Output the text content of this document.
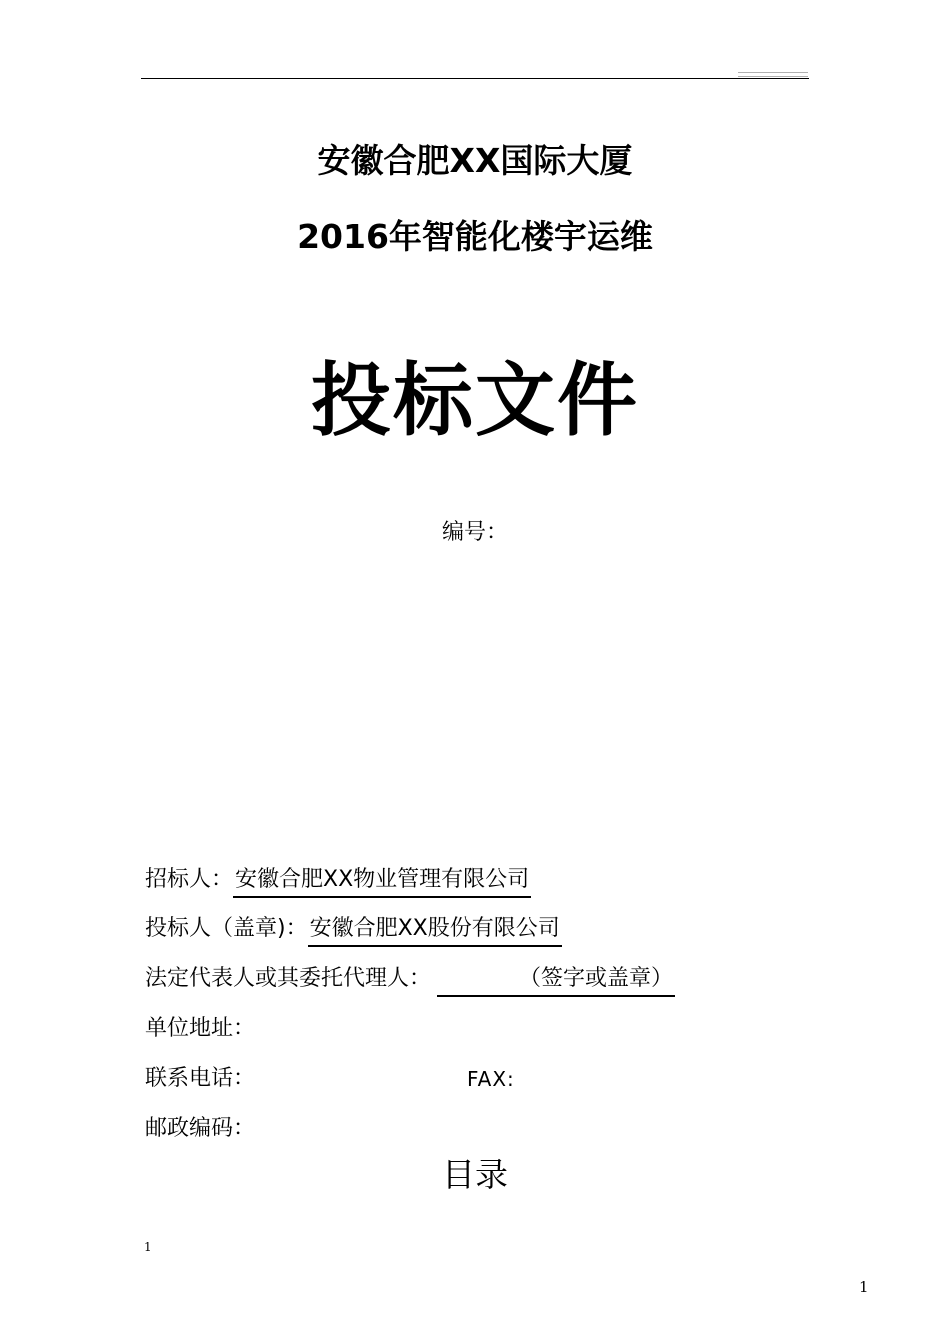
安徽合肥XX国际大厦
2016年智能化楼宇运维
投标文件
编号：
招标人： 安徽合肥XX物业管理有限公司
投标人（盖章)： 安徽合肥XX股份有限公司
法定代表人或其委托代理人：	（签字或盖章）
单位地址：
联系电话：	FAX:
邮政编码：
目录
1
1
